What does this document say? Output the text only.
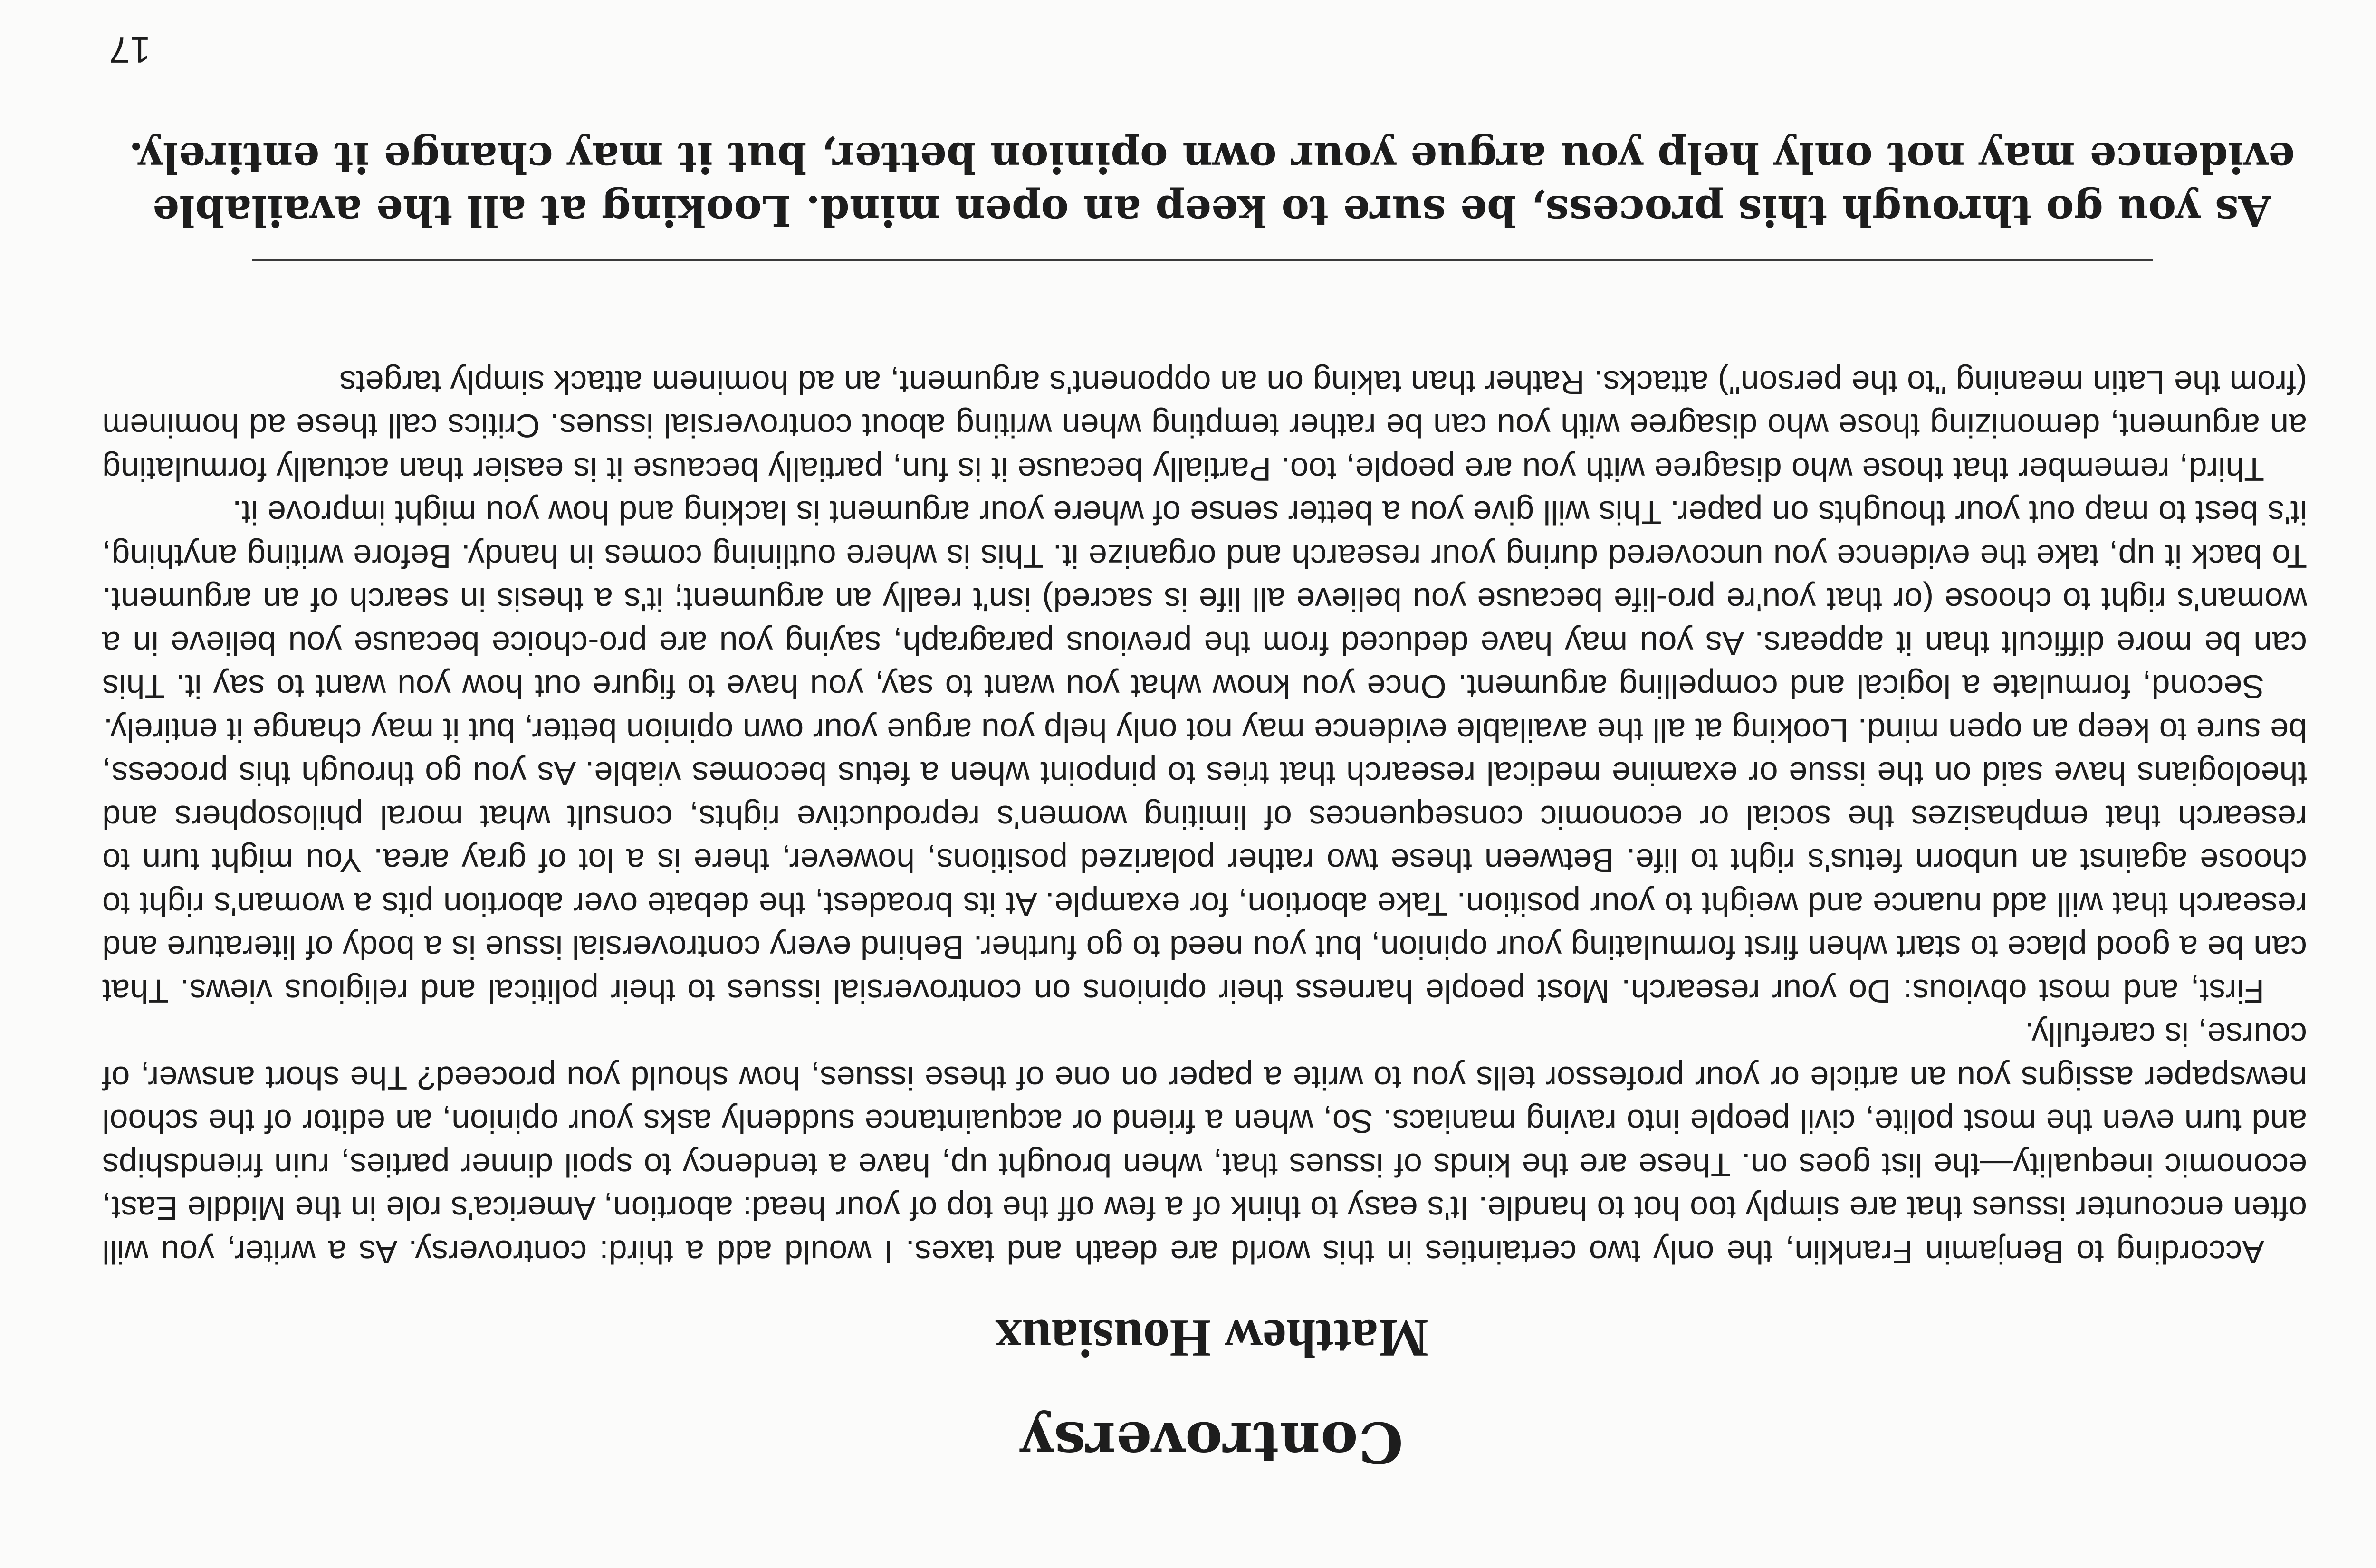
Controversy
Matthew Housiaux

According to Benjamin Franklin, the only two certainties in this world are death and taxes. I would add a third: controversy. As a writer, you will often encounter issues that are simply too hot to handle. It's easy to think of a few off the top of your head: abortion, America's role in the Middle East, economic inequality—the list goes on. These are the kinds of issues that, when brought up, have a tendency to spoil dinner parties, ruin friendships and turn even the most polite, civil people into raving maniacs. So, when a friend or acquaintance suddenly asks your opinion, an editor of the school newspaper assigns you an article or your professor tells you to write a paper on one of these issues, how should you proceed? The short answer, of course, is carefully.

First, and most obvious: Do your research. Most people harness their opinions on controversial issues to their political and religious views. That can be a good place to start when first formulating your opinion, but you need to go further. Behind every controversial issue is a body of literature and research that will add nuance and weight to your position. Take abortion, for example. At its broadest, the debate over abortion pits a woman's right to choose against an unborn fetus's right to life. Between these two rather polarized positions, however, there is a lot of gray area. You might turn to research that emphasizes the social or economic consequences of limiting women's reproductive rights, consult what moral philosophers and theologians have said on the issue or examine medical research that tries to pinpoint when a fetus becomes viable. As you go through this process, be sure to keep an open mind. Looking at all the available evidence may not only help you argue your own opinion better, but it may change it entirely.

Second, formulate a logical and compelling argument. Once you know what you want to say, you have to figure out how you want to say it. This can be more difficult than it appears. As you may have deduced from the previous paragraph, saying you are pro-choice because you believe in a woman's right to choose (or that you're pro-life because you believe all life is sacred) isn't really an argument; it's a thesis in search of an argument. To back it up, take the evidence you uncovered during your research and organize it. This is where outlining comes in handy. Before writing anything, it's best to map out your thoughts on paper. This will give you a better sense of where your argument is lacking and how you might improve it.

Third, remember that those who disagree with you are people, too. Partially because it is fun, partially because it is easier than actually formulating an argument, demonizing those who disagree with you can be rather tempting when writing about controversial issues. Critics call these ad hominem (from the Latin meaning "to the person") attacks. Rather than taking on an opponent's argument, an ad hominem attack simply targets

As you go through this process, be sure to keep an open mind. Looking at all the available evidence may not only help you argue your own opinion better, but it may change it entirely.

17
